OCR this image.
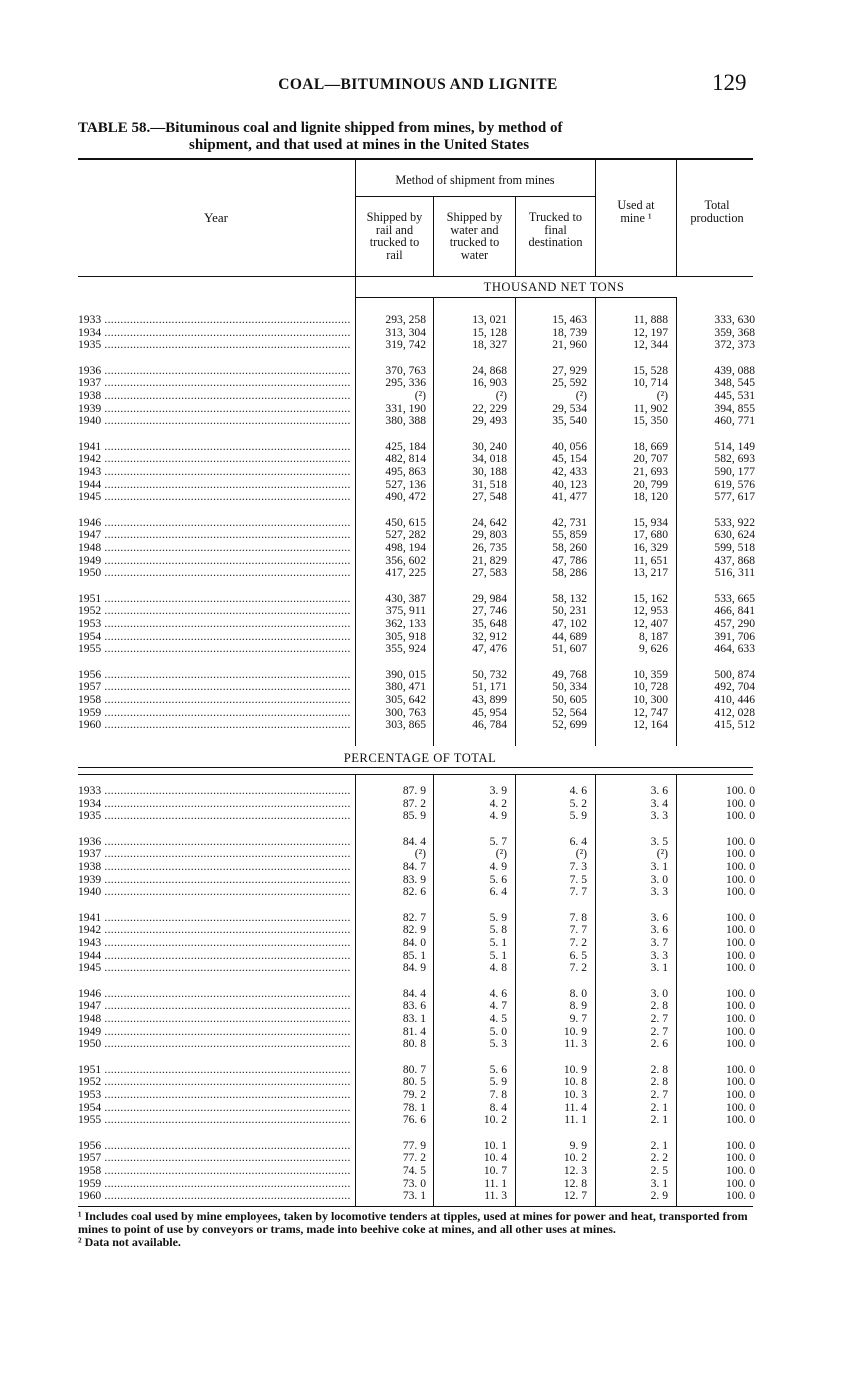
COAL—BITUMINOUS AND LIGNITE	129
TABLE 58.—Bituminous coal and lignite shipped from mines, by method of
shipment, and that used at mines in the United States
Year
Method of shipment from mines
Shipped by
rail and
trucked to
rail
Shipped by
water and
trucked to
water
Trucked to
final
destination
Used at
mine ¹
Total
production
THOUSAND NET TONS
PERCENTAGE OF TOTAL
1933 .....	293, 258	13, 021	15, 463	11, 888	333, 630
1934 .....	313, 304	15, 128	18, 739	12, 197	359, 368
1935 .....	319, 742	18, 327	21, 960	12, 344	372, 373
1936 .....	370, 763	24, 868	27, 929	15, 528	439, 088
1937 .....	295, 336	16, 903	25, 592	10, 714	348, 545
1938 .....	(²)	(²)	(²)	(²)	445, 531
1939 .....	331, 190	22, 229	29, 534	11, 902	394, 855
1940 .....	380, 388	29, 493	35, 540	15, 350	460, 771
1941 .....	425, 184	30, 240	40, 056	18, 669	514, 149
1942 .....	482, 814	34, 018	45, 154	20, 707	582, 693
1943 .....	495, 863	30, 188	42, 433	21, 693	590, 177
1944 .....	527, 136	31, 518	40, 123	20, 799	619, 576
1945 .....	490, 472	27, 548	41, 477	18, 120	577, 617
1946 .....	450, 615	24, 642	42, 731	15, 934	533, 922
1947 .....	527, 282	29, 803	55, 859	17, 680	630, 624
1948 .....	498, 194	26, 735	58, 260	16, 329	599, 518
1949 .....	356, 602	21, 829	47, 786	11, 651	437, 868
1950 .....	417, 225	27, 583	58, 286	13, 217	516, 311
1951 .....	430, 387	29, 984	58, 132	15, 162	533, 665
1952 .....	375, 911	27, 746	50, 231	12, 953	466, 841
1953 .....	362, 133	35, 648	47, 102	12, 407	457, 290
1954 .....	305, 918	32, 912	44, 689	8, 187	391, 706
1955 .....	355, 924	47, 476	51, 607	9, 626	464, 633
1956 .....	390, 015	50, 732	49, 768	10, 359	500, 874
1957 .....	380, 471	51, 171	50, 334	10, 728	492, 704
1958 .....	305, 642	43, 899	50, 605	10, 300	410, 446
1959 .....	300, 763	45, 954	52, 564	12, 747	412, 028
1960 .....	303, 865	46, 784	52, 699	12, 164	415, 512
1933 .....	87. 9	3. 9	4. 6	3. 6	100. 0
1934 .....	87. 2	4. 2	5. 2	3. 4	100. 0
1935 .....	85. 9	4. 9	5. 9	3. 3	100. 0
1936 .....	84. 4	5. 7	6. 4	3. 5	100. 0
1937 .....	(²)	(²)	(²)	(²)	100. 0
1938 .....	84. 7	4. 9	7. 3	3. 1	100. 0
1939 .....	83. 9	5. 6	7. 5	3. 0	100. 0
1940 .....	82. 6	6. 4	7. 7	3. 3	100. 0
1941 .....	82. 7	5. 9	7. 8	3. 6	100. 0
1942 .....	82. 9	5. 8	7. 7	3. 6	100. 0
1943 .....	84. 0	5. 1	7. 2	3. 7	100. 0
1944 .....	85. 1	5. 1	6. 5	3. 3	100. 0
1945 .....	84. 9	4. 8	7. 2	3. 1	100. 0
1946 .....	84. 4	4. 6	8. 0	3. 0	100. 0
1947 .....	83. 6	4. 7	8. 9	2. 8	100. 0
1948 .....	83. 1	4. 5	9. 7	2. 7	100. 0
1949 .....	81. 4	5. 0	10. 9	2. 7	100. 0
1950 .....	80. 8	5. 3	11. 3	2. 6	100. 0
1951 .....	80. 7	5. 6	10. 9	2. 8	100. 0
1952 .....	80. 5	5. 9	10. 8	2. 8	100. 0
1953 .....	79. 2	7. 8	10. 3	2. 7	100. 0
1954 .....	78. 1	8. 4	11. 4	2. 1	100. 0
1955 .....	76. 6	10. 2	11. 1	2. 1	100. 0
1956 .....	77. 9	10. 1	9. 9	2. 1	100. 0
1957 .....	77. 2	10. 4	10. 2	2. 2	100. 0
1958 .....	74. 5	10. 7	12. 3	2. 5	100. 0
1959 .....	73. 0	11. 1	12. 8	3. 1	100. 0
1960 .....	73. 1	11. 3	12. 7	2. 9	100. 0
¹ Includes coal used by mine employees, taken by locomotive tenders at tipples, used at mines for power and heat, transported from mines to point of use by conveyors or trams, made into beehive coke at mines, and all other uses at mines.
² Data not available.
